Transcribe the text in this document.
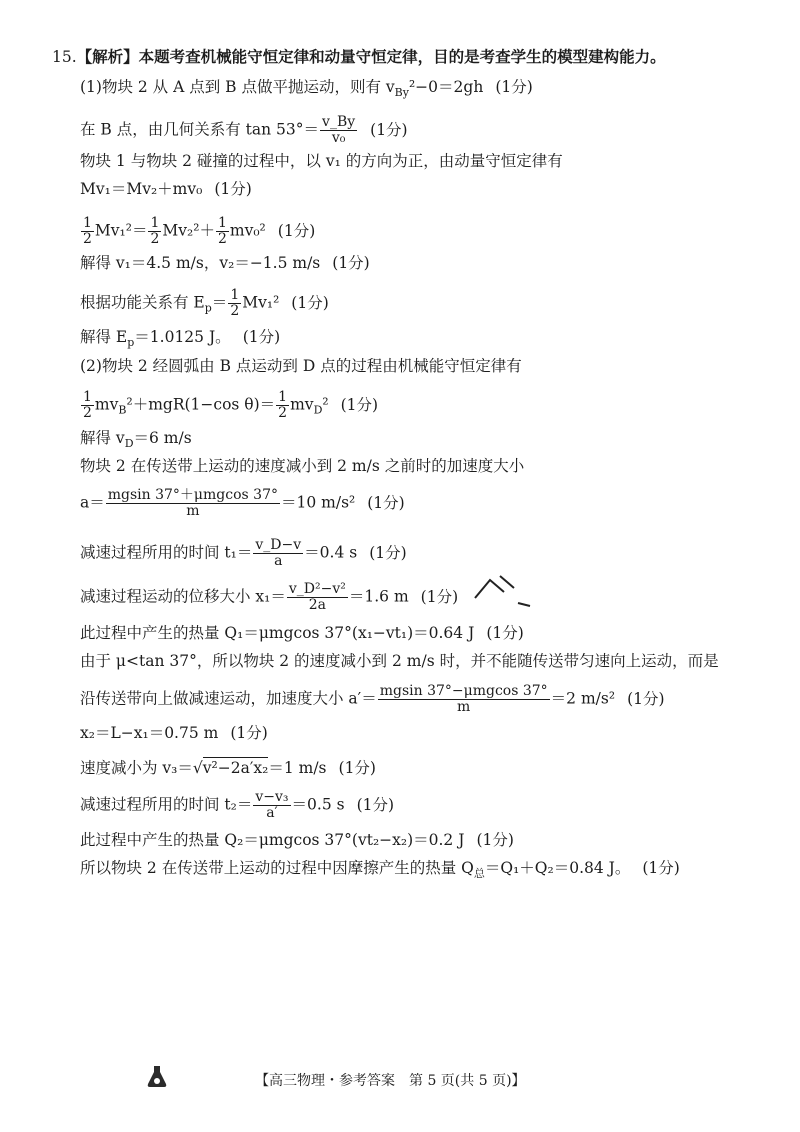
15.【解析】本题考查机械能守恒定律和动量守恒定律，目的是考查学生的模型建构能力。
(1)物块 2 从 A 点到 B 点做平抛运动，则有 $v_{By}^2-0=2gh$ (1分)
在 B 点，由几何关系有 $\tan 53^\circ= \frac{v\_By}{\text{v₀}} (1$分)
物块 1 与物块 2 碰撞的过程中，以 v₁ 的方向为正，由动量守恒定律有
Mv₁＝Mv₂＋mv₀ (1分)
$\frac{1}{2} Mv_1^2= \frac{1}{2} Mv_2^2+ \frac{1}{2} mv_0^2$ (1分)
解得 v₁＝4.5 m/s，v₂＝−1.5 m/s (1分)
根据功能关系有 $E_p= \frac{1}{2} Mv_1^2$ (1分)
解得 $E_p=1.0125$ J。 (1分)
(2)物块 2 经圆弧由 B 点运动到 D 点的过程由机械能守恒定律有
$\frac{1}{2} mv_B^2+mgR(1-\cos$ $\theta)= \frac{1}{2} mv_D^2$ (1分)
解得 $v_D=6$ m/s
物块 2 在传送带上运动的速度减小到 2 m/s 之前时的加速度大小
$a= \frac{\text{mgsin 37°＋μmgcos 37°}}{m} =10$ m/s² (1分)
减速过程所用的时间 $t_1= \frac{v\_D-v}{a} =0.4$ s (1分)
减速过程运动的位移大小 $x_1= \frac{\text{v\_D²−v²}}{2a} =1.6$ m (1分)
此过程中产生的热量 Q₁＝μmgcos 37°(x₁−vt₁)＝0.64 J (1分)
由于 μ<tan 37°，所以物块 2 的速度减小到 2 m/s 时，并不能随传送带匀速向上运动，而是
沿传送带向上做减速运动，加速度大小 $a'= \frac{\text{mgsin 37°−μmgcos 37°}}{m} =2$ m/s² (1分)
x₂＝L−x₁＝0.75 m (1分)
速度减小为 v₃＝√v²−2a′x₂＝1 m/s (1分)
减速过程所用的时间 $t_2= \frac{\text{v−v₃}}{a'} =0.5$ s (1分)
此过程中产生的热量 Q₂＝μmgcos 37°(vt₂−x₂)＝0.2 J (1分)
所以物块 2 在传送带上运动的过程中因摩擦产生的热量 $Q_总=Q_1+Q_2=0.84$ J。 (1分)
【高三物理・参考答案　第 5 页(共 5 页)】
